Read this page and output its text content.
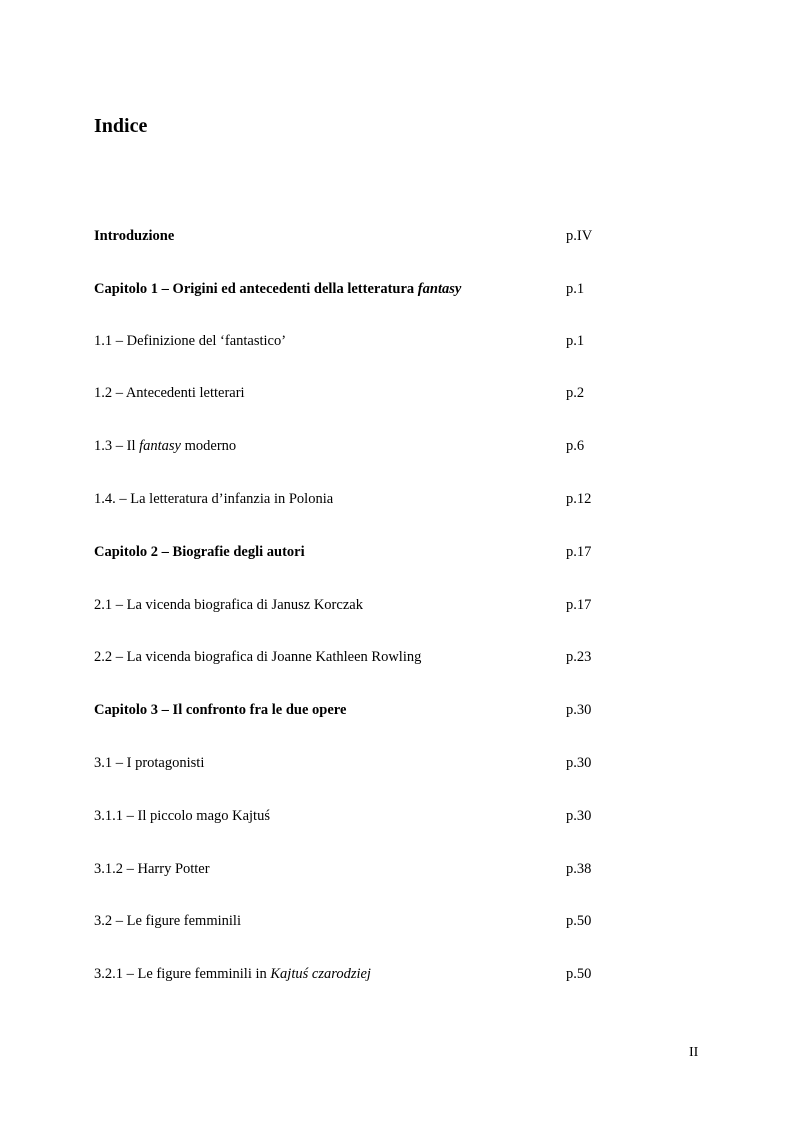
Indice
Introduzione	p.IV
Capitolo 1 – Origini ed antecedenti della letteratura fantasy	p.1
1.1 – Definizione del ‘fantastico’	p.1
1.2 – Antecedenti letterari	p.2
1.3 – Il fantasy moderno	p.6
1.4. – La letteratura d’infanzia in Polonia	p.12
Capitolo 2 – Biografie degli autori	p.17
2.1 – La vicenda biografica di Janusz Korczak	p.17
2.2 – La vicenda biografica di Joanne Kathleen Rowling	p.23
Capitolo 3 – Il confronto fra le due opere	p.30
3.1 – I protagonisti	p.30
3.1.1 – Il piccolo mago Kajtuś	p.30
3.1.2 – Harry Potter	p.38
3.2 – Le figure femminili	p.50
3.2.1 – Le figure femminili in Kajtuś czarodziej	p.50
II
